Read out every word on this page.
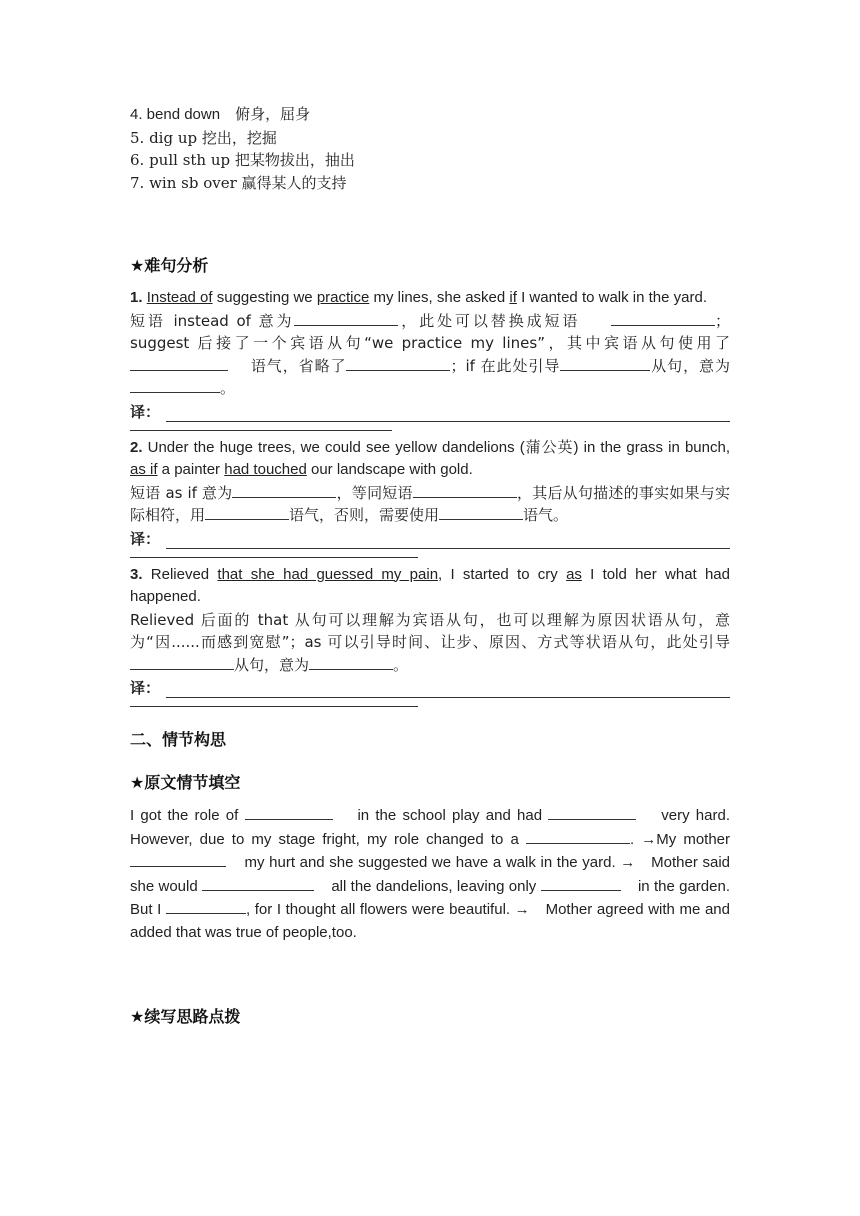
4. bend down　俯身，屈身
5. dig up 挖出，挖掘
6. pull sth up 把某物拔出，抽出
7. win sb over 赢得某人的支持
★难句分析

1. Instead of suggesting we practice my lines, she asked if I wanted to walk in the yard.

短语 instead of 意为	，此处可以替换成短语	； suggest 后接了一个宾语从句“we practice my lines”，其中宾语从句使用了    语气，省略了	；if 在此处引导	从句，意为。

译：

2. Under the huge trees, we could see yellow dandelions (蒲公英) in the grass in bunch, as if a painter had touched our landscape with gold.

短语 as if 意为	，等同短语	，其后从句描述的事实如果与实际相符，用	语气，否则，需要使用	语气。

译：

3. Relieved that she had guessed my pain, I started to cry as I told her what had happened.

Relieved 后面的 that 从句可以理解为宾语从句，也可以理解为原因状语从句，意为“因......而感到宽慰”；as 可以引导时间、让步、原因、方式等状语从句，此处引导从句，意为	。

译：
二、情节构思
★原文情节填空

I got the role of	in the school play and had	very hard. However, due to my stage fright, my role changed to a	. →My mother     my hurt and she suggested we have a walk in the yard. →　Mother said she would	all the dandelions, leaving only	in the garden. But I	, for I thought all flowers were beautiful. →　Mother agreed with me and added that was true of people,too.

★续写思路点拨
